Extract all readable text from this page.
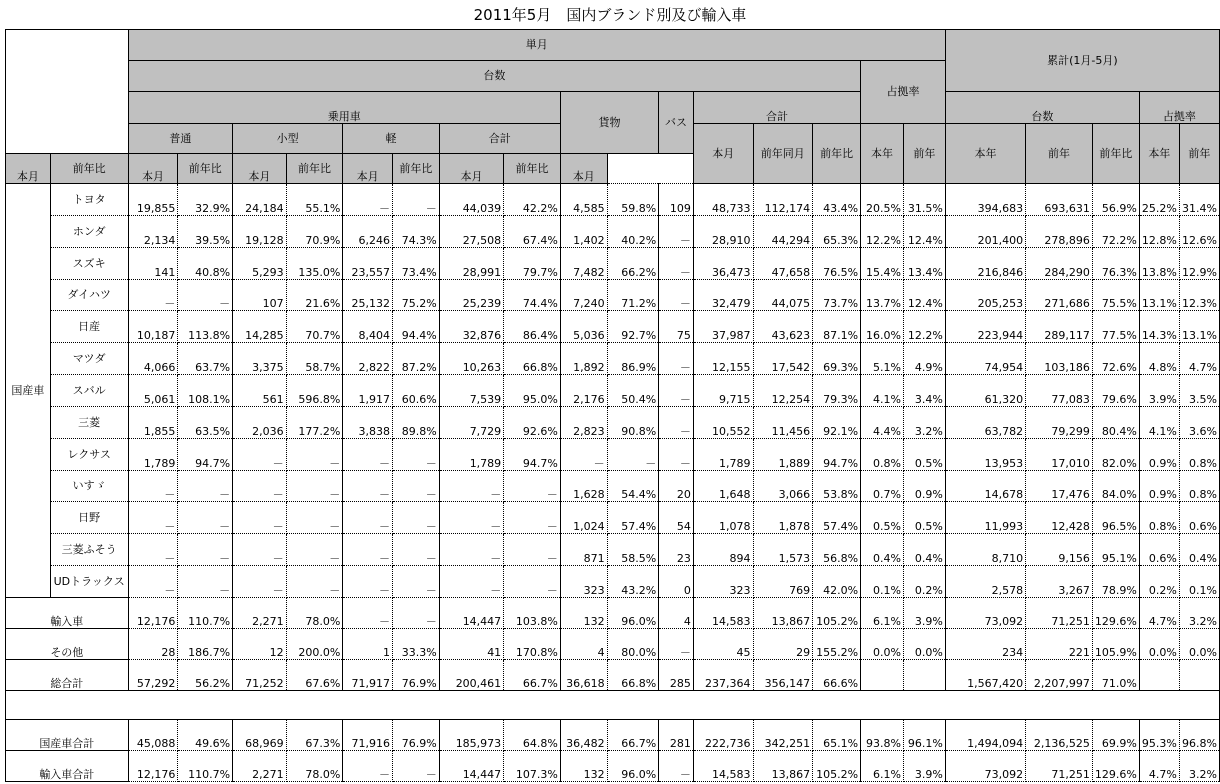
2011年5月　国内ブランド別及び輸入車
		単月																累計(1月-5月)				
		台数														占拠率						
		乗用車								貨物		バス	合計					台数			占拠率	
		普通		小型		軽		合計					本月	前年同月	前年比	本年	前年	本年	前年	前年比	本年	前年
本月	前年比	本月	前年比	本月	前年比	本月	前年比	本月	前年比	本月												
国産車	トヨタ	19,855	32.9%	24,184	55.1%	－	－	44,039	42.2%	4,585	59.8%	109	48,733	112,174	43.4%	20.5%	31.5%	394,683	693,631	56.9%	25.2%	31.4%
	ホンダ	2,134	39.5%	19,128	70.9%	6,246	74.3%	27,508	67.4%	1,402	40.2%	－	28,910	44,294	65.3%	12.2%	12.4%	201,400	278,896	72.2%	12.8%	12.6%
	スズキ	141	40.8%	5,293	135.0%	23,557	73.4%	28,991	79.7%	7,482	66.2%	－	36,473	47,658	76.5%	15.4%	13.4%	216,846	284,290	76.3%	13.8%	12.9%
	ダイハツ	－	－	107	21.6%	25,132	75.2%	25,239	74.4%	7,240	71.2%	－	32,479	44,075	73.7%	13.7%	12.4%	205,253	271,686	75.5%	13.1%	12.3%
	日産	10,187	113.8%	14,285	70.7%	8,404	94.4%	32,876	86.4%	5,036	92.7%	75	37,987	43,623	87.1%	16.0%	12.2%	223,944	289,117	77.5%	14.3%	13.1%
	マツダ	4,066	63.7%	3,375	58.7%	2,822	87.2%	10,263	66.8%	1,892	86.9%	－	12,155	17,542	69.3%	5.1%	4.9%	74,954	103,186	72.6%	4.8%	4.7%
	スバル	5,061	108.1%	561	596.8%	1,917	60.6%	7,539	95.0%	2,176	50.4%	－	9,715	12,254	79.3%	4.1%	3.4%	61,320	77,083	79.6%	3.9%	3.5%
	三菱	1,855	63.5%	2,036	177.2%	3,838	89.8%	7,729	92.6%	2,823	90.8%	－	10,552	11,456	92.1%	4.4%	3.2%	63,782	79,299	80.4%	4.1%	3.6%
	レクサス	1,789	94.7%	－	－	－	－	1,789	94.7%	－	－	－	1,789	1,889	94.7%	0.8%	0.5%	13,953	17,010	82.0%	0.9%	0.8%
	いすゞ	－	－	－	－	－	－	－	－	1,628	54.4%	20	1,648	3,066	53.8%	0.7%	0.9%	14,678	17,476	84.0%	0.9%	0.8%
	日野	－	－	－	－	－	－	－	－	1,024	57.4%	54	1,078	1,878	57.4%	0.5%	0.5%	11,993	12,428	96.5%	0.8%	0.6%
	三菱ふそう	－	－	－	－	－	－	－	－	871	58.5%	23	894	1,573	56.8%	0.4%	0.4%	8,710	9,156	95.1%	0.6%	0.4%
	UDトラックス	－	－	－	－	－	－	－	－	323	43.2%	0	323	769	42.0%	0.1%	0.2%	2,578	3,267	78.9%	0.2%	0.1%
輸入車		12,176	110.7%	2,271	78.0%	－	－	14,447	103.8%	132	96.0%	4	14,583	13,867	105.2%	6.1%	3.9%	73,092	71,251	129.6%	4.7%	3.2%
その他		28	186.7%	12	200.0%	1	33.3%	41	170.8%	4	80.0%	－	45	29	155.2%	0.0%	0.0%	234	221	105.9%	0.0%	0.0%
総合計		57,292	56.2%	71,252	67.6%	71,917	76.9%	200,461	66.7%	36,618	66.8%	285	237,364	356,147	66.6%			1,567,420	2,207,997	71.0%		

国産車合計		45,088	49.6%	68,969	67.3%	71,916	76.9%	185,973	64.8%	36,482	66.7%	281	222,736	342,251	65.1%	93.8%	96.1%	1,494,094	2,136,525	69.9%	95.3%	96.8%
輸入車合計		12,176	110.7%	2,271	78.0%	－	－	14,447	107.3%	132	96.0%	－	14,583	13,867	105.2%	6.1%	3.9%	73,092	71,251	129.6%	4.7%	3.2%
